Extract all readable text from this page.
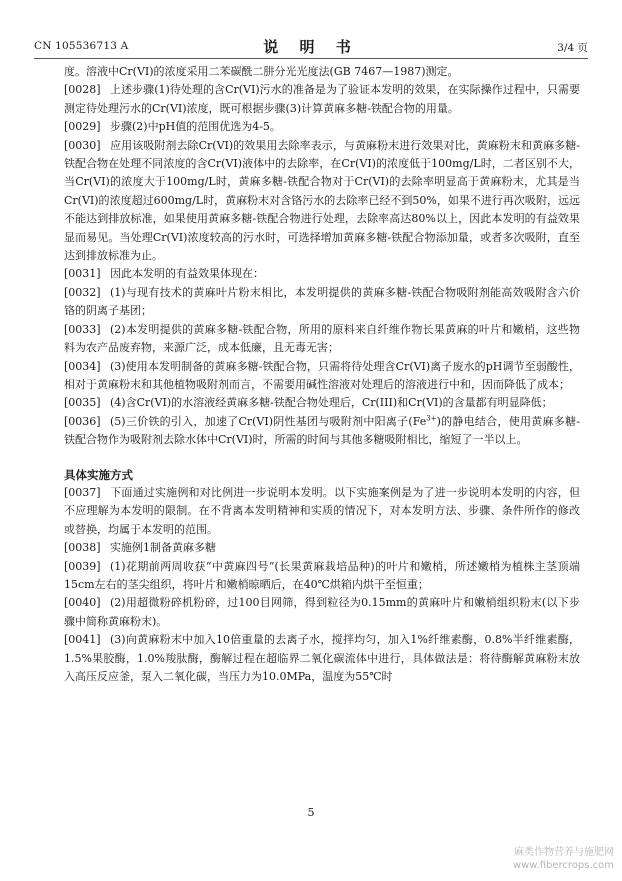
CN 105536713 A	说 明 书	3/4 页

度。溶液中Cr(VI)的浓度采用二苯碳酰二肼分光光度法(GB 7467—1987)测定。

[0028] 上述步骤(1)待处理的含Cr(VI)污水的准备是为了验证本发明的效果，在实际操作过程中，只需要测定待处理污水的Cr(VI)浓度，既可根据步骤(3)计算黄麻多糖-铁配合物的用量。

[0029] 步骤(2)中pH值的范围优选为4-5。

[0030] 应用该吸附剂去除Cr(VI)的效果用去除率表示，与黄麻粉末进行效果对比，黄麻粉末和黄麻多糖-铁配合物在处理不同浓度的含Cr(VI)液体中的去除率，在Cr(VI)的浓度低于100mg/L时，二者区别不大，当Cr(VI)的浓度大于100mg/L时，黄麻多糖-铁配合物对于Cr(VI)的去除率明显高于黄麻粉末，尤其是当Cr(VI)的浓度超过600mg/L时，黄麻粉末对含铬污水的去除率已经不到50%，如果不进行再次吸附，远远不能达到排放标准，如果使用黄麻多糖-铁配合物进行处理，去除率高达80%以上，因此本发明的有益效果显而易见。当处理Cr(VI)浓度较高的污水时，可选择增加黄麻多糖-铁配合物添加量，或者多次吸附，直至达到排放标准为止。

[0031] 因此本发明的有益效果体现在：

[0032] (1)与现有技术的黄麻叶片粉末相比，本发明提供的黄麻多糖-铁配合物吸附剂能高效吸附含六价铬的阴离子基团；

[0033] (2)本发明提供的黄麻多糖-铁配合物，所用的原料来自纤维作物长果黄麻的叶片和嫩梢，这些物料为农产品废弃物，来源广泛，成本低廉，且无毒无害；

[0034] (3)使用本发明制备的黄麻多糖-铁配合物，只需将待处理含Cr(VI)离子废水的pH调节至弱酸性，相对于黄麻粉末和其他植物吸附剂而言，不需要用碱性溶液对处理后的溶液进行中和，因而降低了成本；

[0035] (4)含Cr(VI)的水溶液经黄麻多糖-铁配合物处理后，Cr(III)和Cr(VI)的含量都有明显降低；

[0036] (5)三价铁的引入，加速了Cr(VI)阴性基团与吸附剂中阳离子$(Fe^{3+})$的静电结合，使用黄麻多糖-铁配合物作为吸附剂去除水体中Cr(VI)时，所需的时间与其他多糖吸附相比，缩短了一半以上。

具体实施方式

[0037] 下面通过实施例和对比例进一步说明本发明。以下实施案例是为了进一步说明本发明的内容，但不应理解为本发明的限制。在不背离本发明精神和实质的情况下，对本发明方法、步骤、条件所作的修改或替换，均属于本发明的范围。

[0038] 实施例1制备黄麻多糖

[0039] (1)花期前两周收获“中黄麻四号”(长果黄麻栽培品种)的叶片和嫩梢，所述嫩梢为植株主茎顶端15cm左右的茎尖组织，将叶片和嫩梢晾晒后，在40℃烘箱内烘干至恒重；

[0040] (2)用超微粉碎机粉碎，过100目网筛，得到粒径为0.15mm的黄麻叶片和嫩梢组织粉末(以下步骤中简称黄麻粉末)。

[0041] (3)向黄麻粉末中加入10倍重量的去离子水，搅拌均匀，加入1%纤维素酶，0.8%半纤维素酶，1.5%果胶酶，1.0%羧肽酶，酶解过程在超临界二氧化碳流体中进行，具体做法是：将待酶解黄麻粉末放入高压反应釜，泵入二氧化碳，当压力为10.0MPa，温度为55℃时

5
麻类作物营养与施肥网
www.fibercrops.com
